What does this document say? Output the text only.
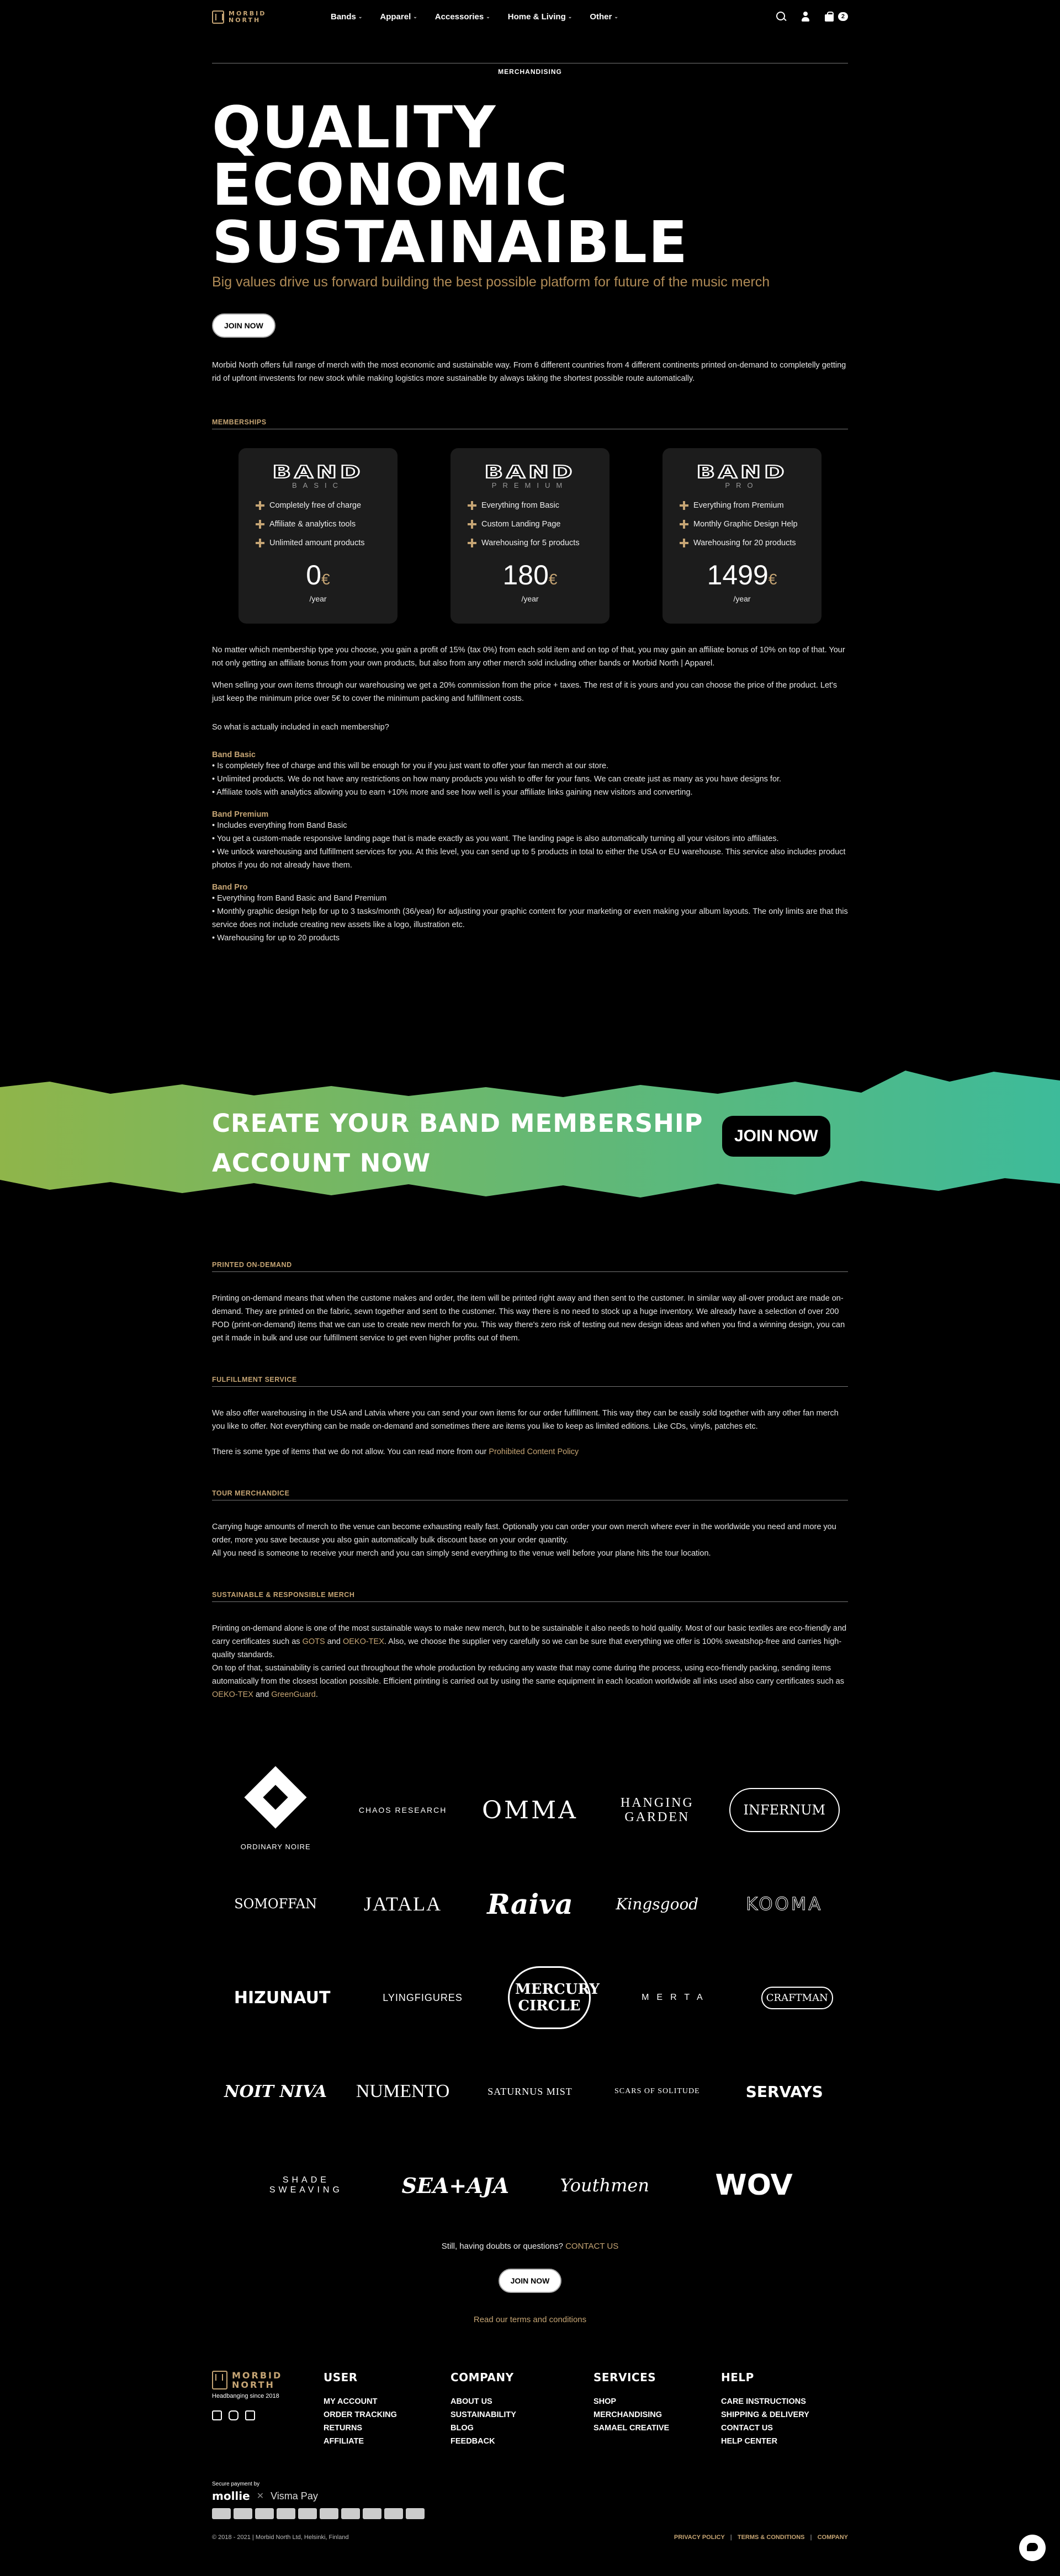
MORBID
NORTH	Bands ⌄ Apparel ⌄ Accessories ⌄ Home & Living ⌄ Other ⌄	2
MERCHANDISING
QUALITY
ECONOMIC
SUSTAINAIBLE
Big values drive us forward building the best possible platform for future of the music merch
JOIN NOW
Morbid North offers full range of merch with the most economic and sustainable way. From 6 different countries from 4 different continents printed on-demand to completelly getting rid of upfront investents for new stock while making logistics more sustainable by always taking the shortest possible route automatically.
MEMBERSHIPS
BAND
BASIC
Completely free of charge
Affiliate & analytics tools
Unlimited amount products
0€
/year
BAND
PREMIUM
Everything from Basic
Custom Landing Page
Warehousing for 5 products
180€
/year
BAND
PRO
Everything from Premium
Monthly Graphic Design Help
Warehousing for 20 products
1499€
/year
No matter which membership type you choose, you gain a profit of 15% (tax 0%) from each sold item and on top of that, you may gain an affiliate bonus of 10% on top of that. Your not only getting an affiliate bonus from your own products, but also from any other merch sold including other bands or Morbid North | Apparel.
When selling your own items through our warehousing we get a 20% commission from the price + taxes. The rest of it is yours and you can choose the price of the product. Let's just keep the minimum price over 5€ to cover the minimum packing and fulfillment costs.
So what is actually included in each membership?
Band Basic
• Is completely free of charge and this will be enough for you if you just want to offer your fan merch at our store.
• Unlimited products. We do not have any restrictions on how many products you wish to offer for your fans. We can create just as many as you have designs for.
• Affiliate tools with analytics allowing you to earn +10% more and see how well is your affiliate links gaining new visitors and converting.
Band Premium
• Includes everything from Band Basic
• You get a custom-made responsive landing page that is made exactly as you want. The landing page is also automatically turning all your visitors into affiliates.
• We unlock warehousing and fulfillment services for you. At this level, you can send up to 5 products in total to either the USA or EU warehouse. This service also includes product photos if you do not already have them.
Band Pro
• Everything from Band Basic and Band Premium
• Monthly graphic design help for up to 3 tasks/month (36/year) for adjusting your graphic content for your marketing or even making your album layouts. The only limits are that this service does not include creating new assets like a logo, illustration etc.
• Warehousing for up to 20 products
CREATE YOUR BAND MEMBERSHIP
ACCOUNT NOW
JOIN NOW
PRINTED ON-DEMAND
Printing on-demand means that when the custome makes and order, the item will be printed right away and then sent to the customer. In similar way all-over product are made on-demand. They are printed on the fabric, sewn together and sent to the customer. This way there is no need to stock up a huge inventory. We already have a selection of over 200 POD (print-on-demand) items that we can use to create new merch for you. This way there's zero risk of testing out new design ideas and when you find a winning design, you can get it made in bulk and use our fulfillment service to get even higher profits out of them.
FULFILLMENT SERVICE
We also offer warehousing in the USA and Latvia where you can send your own items for our order fulfillment. This way they can be easily sold together with any other fan merch you like to offer. Not everything can be made on-demand and sometimes there are items you like to keep as limited editions. Like CDs, vinyls, patches etc.
There is some type of items that we do not allow. You can read more from our Prohibited Content Policy
TOUR MERCHANDICE
Carrying huge amounts of merch to the venue can become exhausting really fast. Optionally you can order your own merch where ever in the worldwide you need and more you order, more you save because you also gain automatically bulk discount base on your order quantity.
All you need is someone to receive your merch and you can simply send everything to the venue well before your plane hits the tour location.
SUSTAINABLE & RESPONSIBLE MERCH
Printing on-demand alone is one of the most sustainable ways to make new merch, but to be sustainable it also needs to hold quality. Most of our basic textiles are eco-friendly and carry certificates such as GOTS and OEKO-TEX. Also, we choose the supplier very carefully so we can be sure that everything we offer is 100% sweatshop-free and carries high-quality standards.
On top of that, sustainability is carried out throughout the whole production by reducing any waste that may come during the process, using eco-friendly packing, sending items automatically from the closest location possible. Efficient printing is carried out by using the same equipment in each location worldwide all inks used also carry certificates such as OEKO-TEX and GreenGuard.
ORDINARY NOIRE
CHAOS RESEARCH	OMMA	HANGING GARDEN	INFERNUM
SOMOFFAN	JATALA	Raiva	Kingsgood	KOOMA
HIZUNAUT	LYINGFIGURES	MERCURY CIRCLE
MERTA	CRAFTMAN
NOIT NIVA	NUMENTO	SATURNUS MIST	SCARS OF SOLITUDE	SERVAYS
SHADE SWEAVING	SEA+AJA	Youthmen	WOV
Still, having doubts or questions? CONTACT US
JOIN NOW
Read our terms and conditions
MORBID
NORTH
Headbanging since 2018
USER
MY ACCOUNT
ORDER TRACKING
RETURNS
AFFILIATE
COMPANY
ABOUT US
SUSTAINABILITY
BLOG
FEEDBACK
SERVICES
SHOP
MERCHANDISING
SAMAEL CREATIVE
HELP
CARE INSTRUCTIONS
SHIPPING & DELIVERY
CONTACT US
HELP CENTER
Secure payment by
mollie ✕ Visma Pay
© 2018 - 2021 | Morbid North Ltd, Helsinki, Finland	PRIVACY POLICY | TERMS & CONDITIONS | COMPANY
